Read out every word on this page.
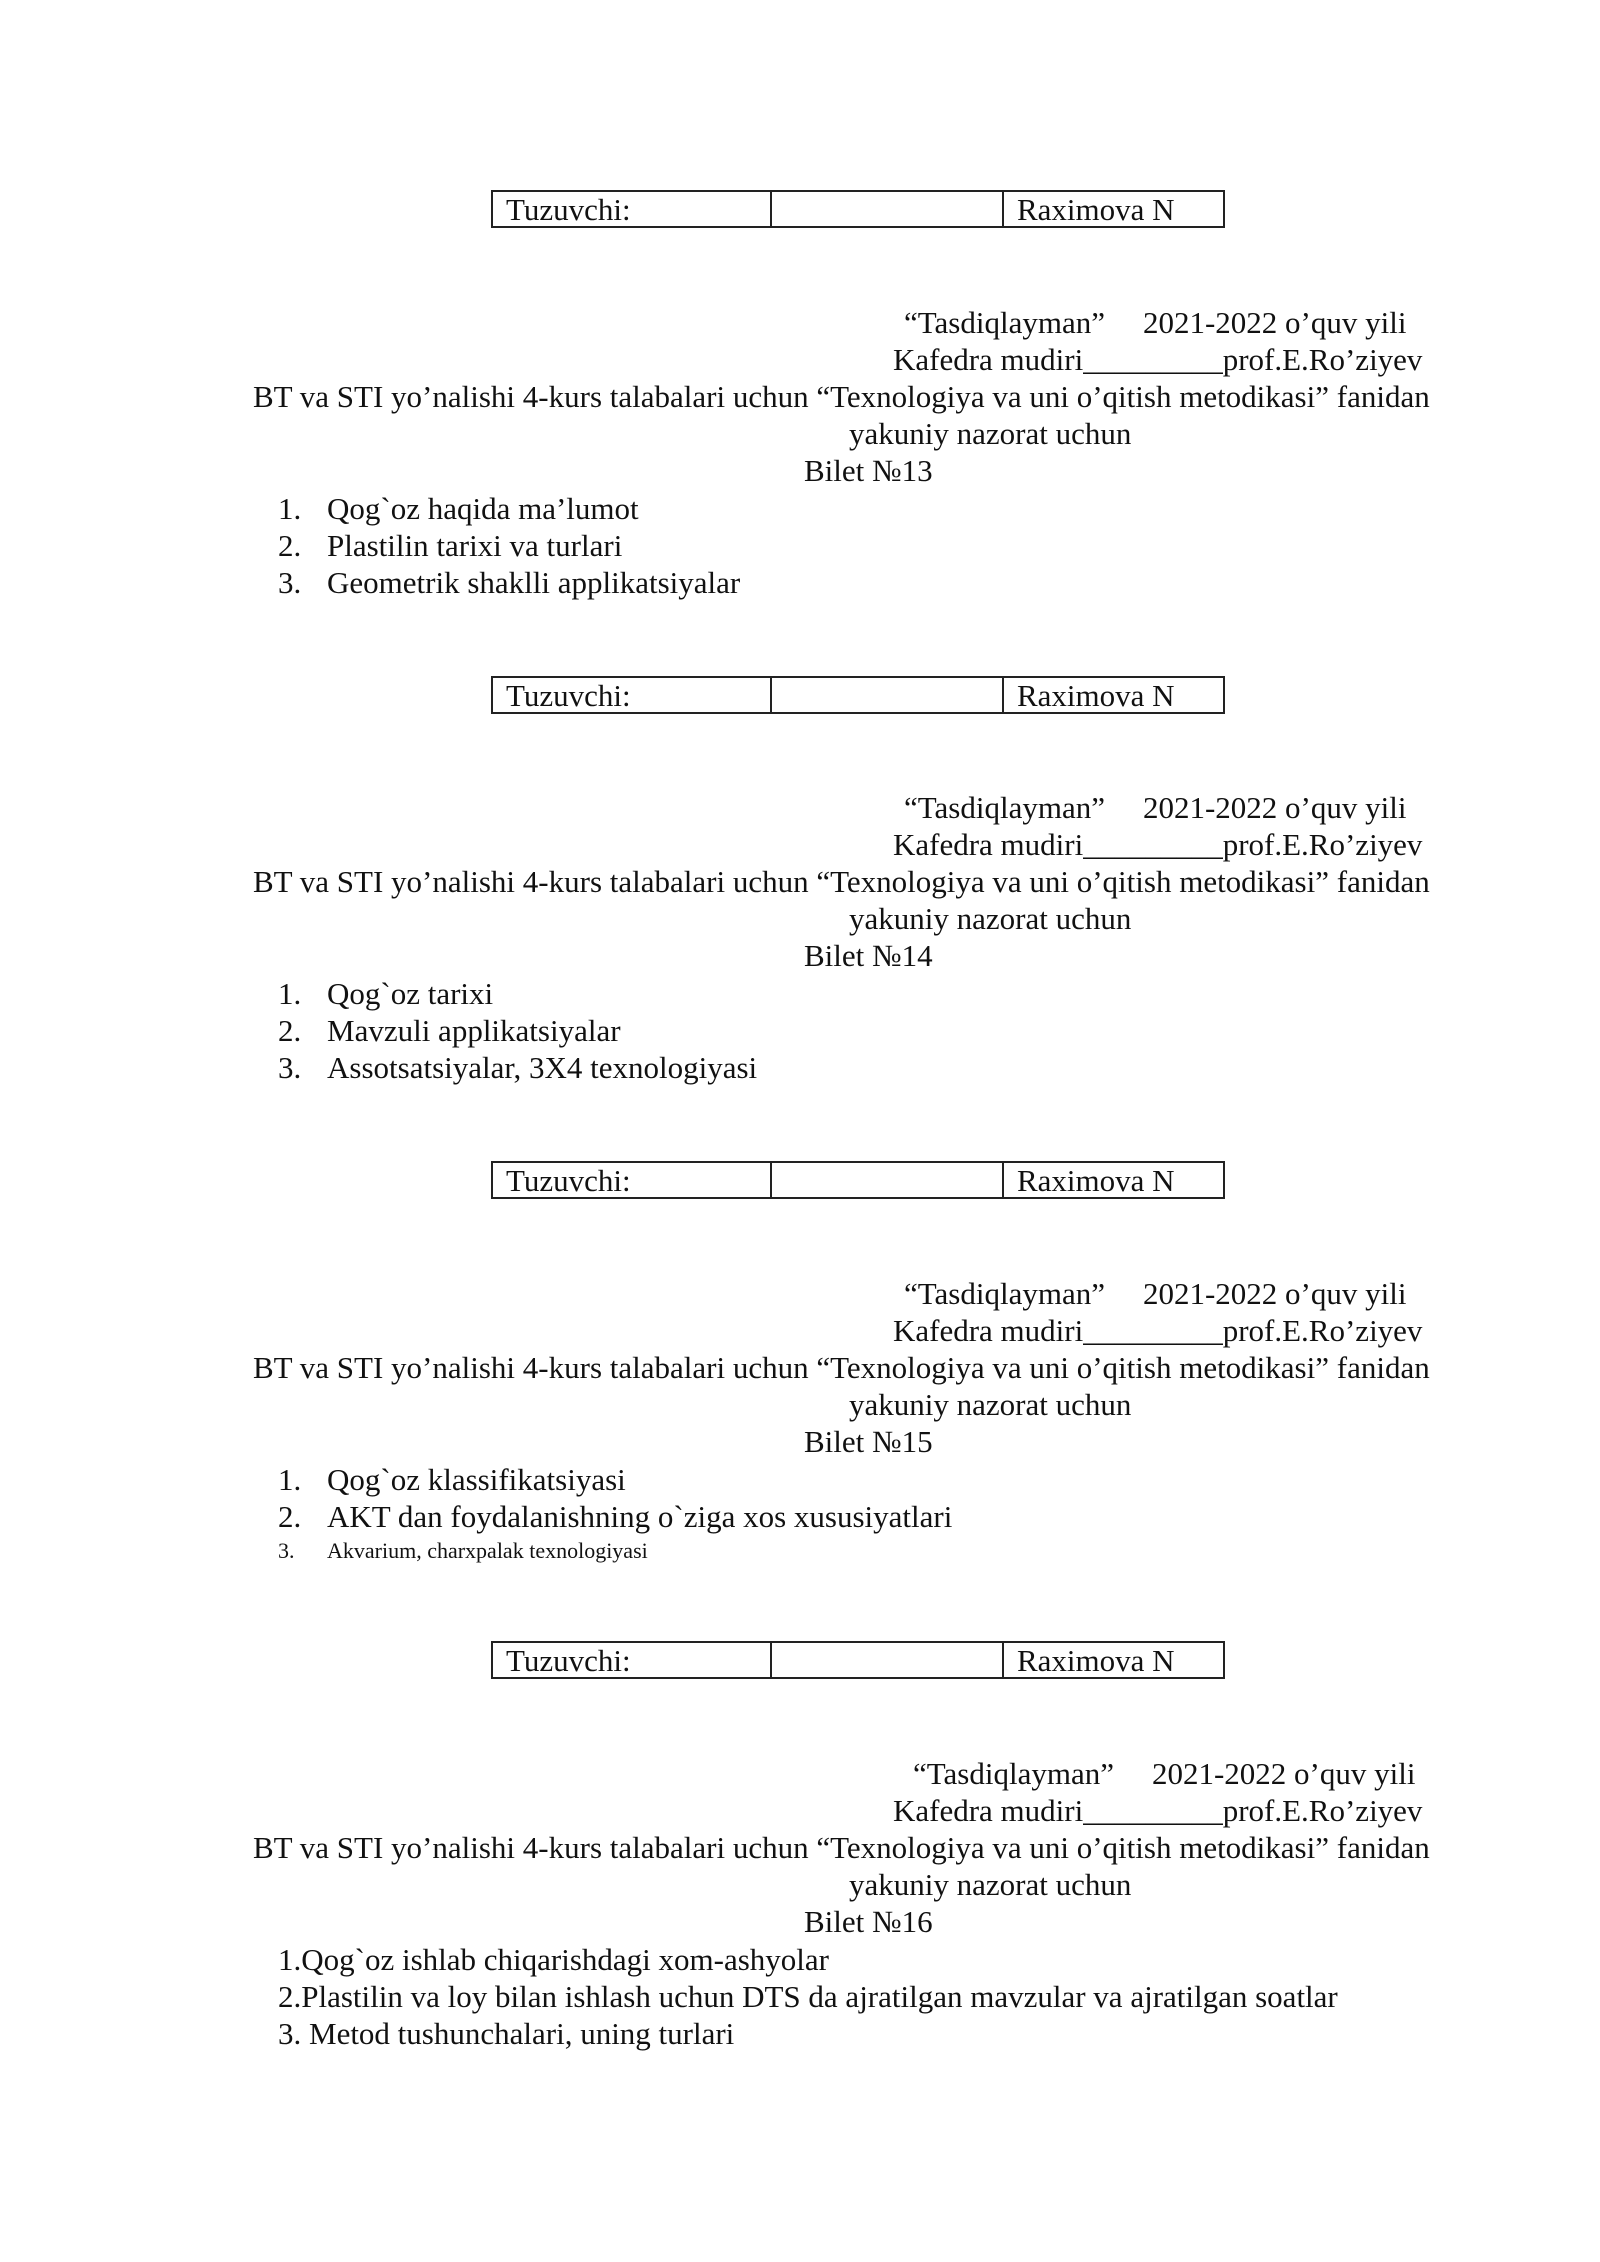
Tuzuvchi:	Raximova N
“Tasdiqlayman” 2021-2022 o’quv yili
Kafedra mudiri_________prof.E.Ro’ziyev
BT va STI yo’nalishi 4-kurs talabalari uchun “Texnologiya va uni o’qitish metodikasi” fanidan
yakuniy nazorat uchun
Bilet №13
1. Qog`oz haqida ma’lumot
2. Plastilin tarixi va turlari
3. Geometrik shaklli applikatsiyalar
Tuzuvchi:	Raximova N
“Tasdiqlayman” 2021-2022 o’quv yili
Kafedra mudiri_________prof.E.Ro’ziyev
BT va STI yo’nalishi 4-kurs talabalari uchun “Texnologiya va uni o’qitish metodikasi” fanidan
yakuniy nazorat uchun
Bilet №14
1. Qog`oz tarixi
2. Mavzuli applikatsiyalar
3. Assotsatsiyalar, 3X4 texnologiyasi
Tuzuvchi:	Raximova N
“Tasdiqlayman” 2021-2022 o’quv yili
Kafedra mudiri_________prof.E.Ro’ziyev
BT va STI yo’nalishi 4-kurs talabalari uchun “Texnologiya va uni o’qitish metodikasi” fanidan
yakuniy nazorat uchun
Bilet №15
1. Qog`oz klassifikatsiyasi
2. AKT dan foydalanishning o`ziga xos xususiyatlari
3. Akvarium, charxpalak texnologiyasi
Tuzuvchi:	Raximova N
“Tasdiqlayman” 2021-2022 o’quv yili
Kafedra mudiri_________prof.E.Ro’ziyev
BT va STI yo’nalishi 4-kurs talabalari uchun “Texnologiya va uni o’qitish metodikasi” fanidan
yakuniy nazorat uchun
Bilet №16
1.Qog`oz ishlab chiqarishdagi xom-ashyolar
2.Plastilin va loy bilan ishlash uchun DTS da ajratilgan mavzular va ajratilgan soatlar
3. Metod tushunchalari, uning turlari
